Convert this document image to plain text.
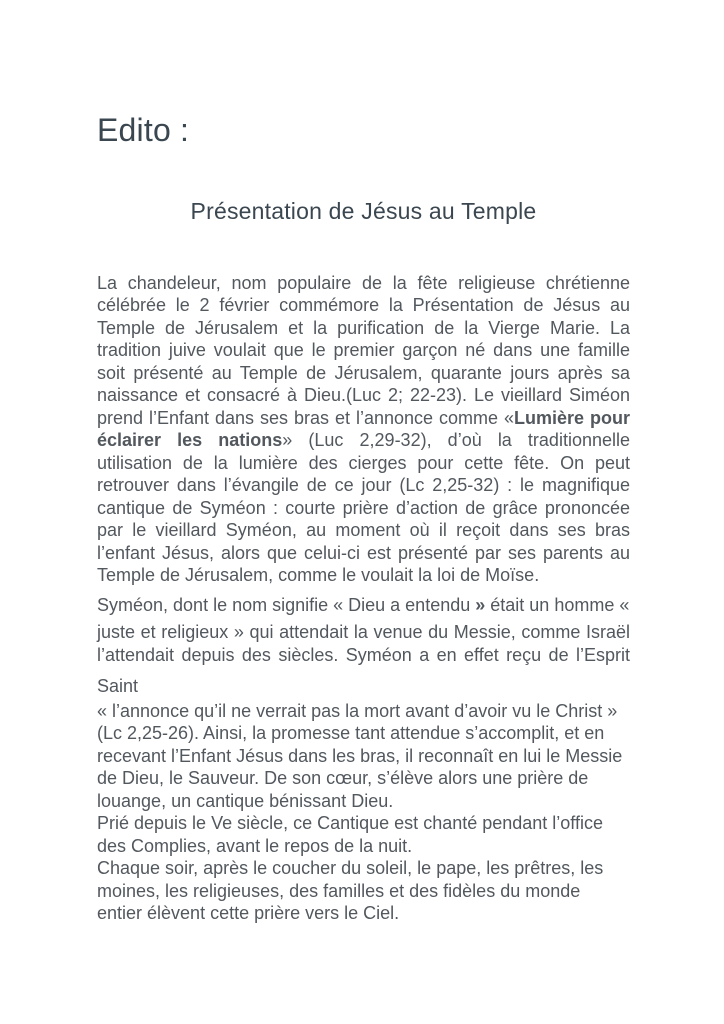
Edito :
Présentation de Jésus au Temple

La chandeleur, nom populaire de la fête religieuse chrétienne célébrée le 2 février commémore la Présentation de Jésus au Temple de Jérusalem et la purification de la Vierge Marie. La tradition juive voulait que le premier garçon né dans une famille soit présenté au Temple de Jérusalem, quarante jours après sa naissance et consacré à Dieu.(Luc 2; 22-23). Le vieillard Siméon prend l’Enfant dans ses bras et l’annonce comme «Lumière pour éclairer les nations» (Luc 2,29-32), d’où la traditionnelle utilisation de la lumière des cierges pour cette fête. On peut retrouver dans l’évangile de ce jour (Lc 2,25-32) : le magnifique cantique de Syméon : courte prière d’action de grâce prononcée par le vieillard Syméon, au moment où il reçoit dans ses bras l’enfant Jésus, alors que celui-ci est présenté par ses parents au Temple de Jérusalem, comme le voulait la loi de Moïse.

Syméon, dont le nom signifie « Dieu a entendu » était un homme «

juste et religieux » qui attendait la venue du Messie, comme Israël l’attendait depuis des siècles. Syméon a en effet reçu de l’Esprit

Saint

« l’annonce qu’il ne verrait pas la mort avant d’avoir vu le Christ » (Lc 2,25-26). Ainsi, la promesse tant attendue s’accomplit, et en recevant l’Enfant Jésus dans les bras, il reconnaît en lui le Messie de Dieu, le Sauveur. De son cœur, s’élève alors une prière de louange, un cantique bénissant Dieu.

Prié depuis le Ve siècle, ce Cantique est chanté pendant l’office des Complies, avant le repos de la nuit.

Chaque soir, après le coucher du soleil, le pape, les prêtres, les moines, les religieuses, des familles et des fidèles du monde entier élèvent cette prière vers le Ciel.
